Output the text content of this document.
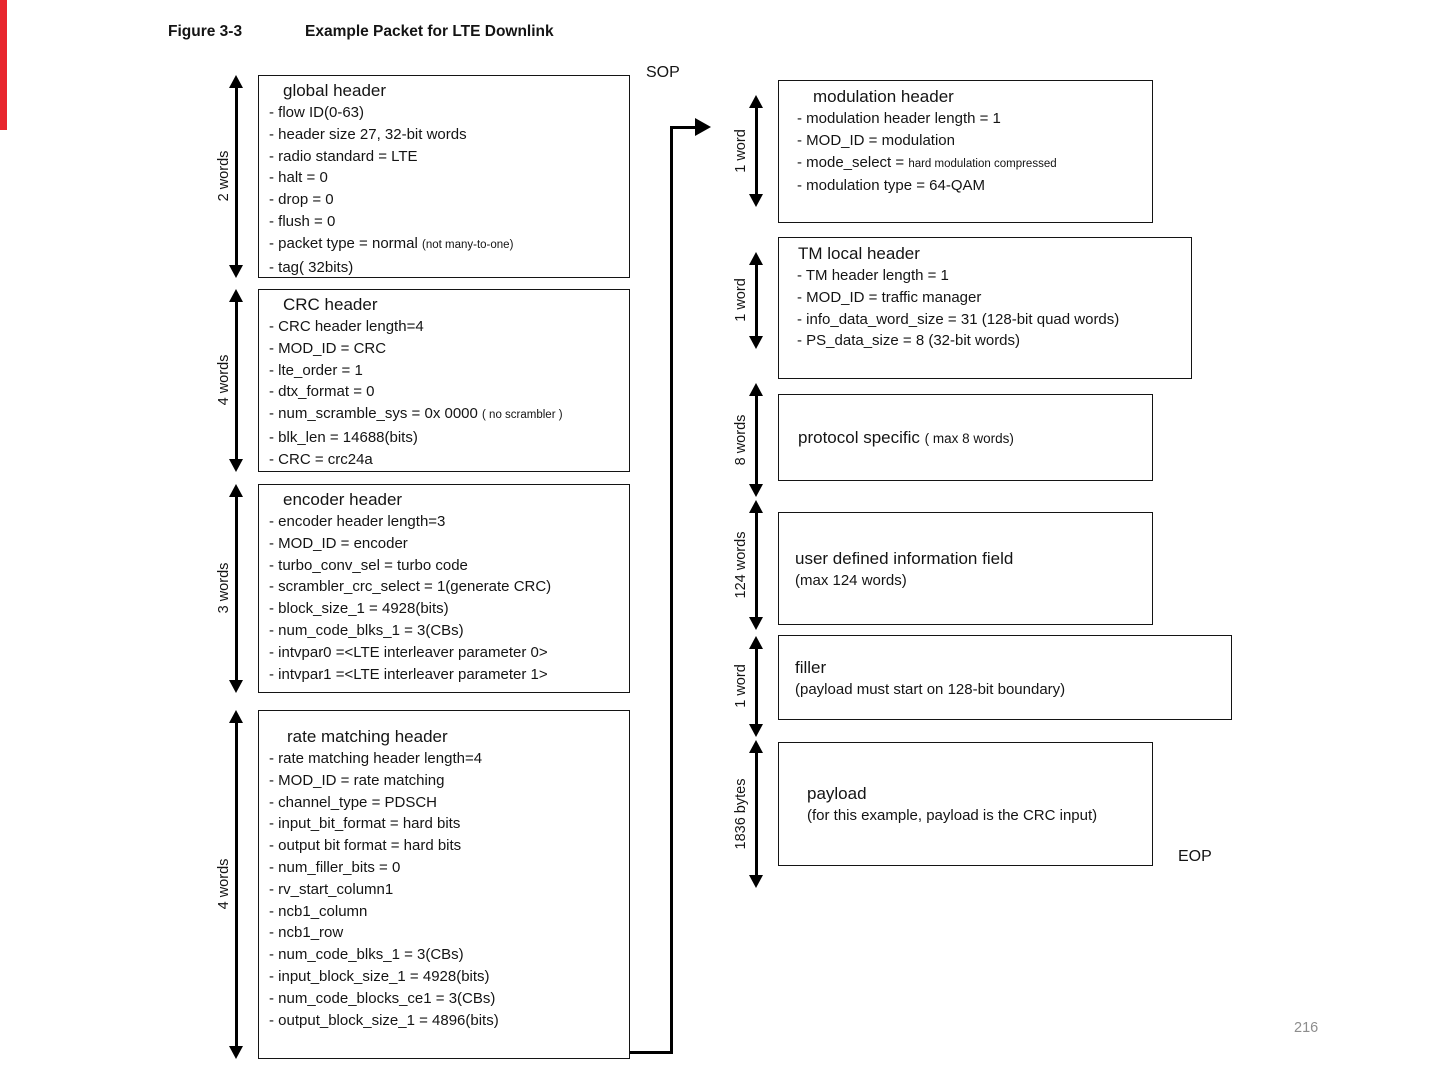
Figure 3-3	Example Packet for LTE Downlink
global header
- flow ID(0-63)
- header size 27, 32-bit words
- radio standard = LTE
- halt = 0
- drop = 0
- flush = 0
- packet type = normal (not many-to-one)
- tag( 32bits)
CRC header
- CRC header length=4
- MOD_ID = CRC
- lte_order = 1
- dtx_format = 0
- num_scramble_sys = 0x 0000 ( no scrambler )
- blk_len = 14688(bits)
- CRC = crc24a
encoder header
- encoder header length=3
- MOD_ID = encoder
- turbo_conv_sel = turbo code
- scrambler_crc_select = 1(generate CRC)
- block_size_1 = 4928(bits)
- num_code_blks_1 = 3(CBs)
- intvpar0 =<LTE interleaver parameter 0>
- intvpar1 =<LTE interleaver parameter 1>
rate matching header
- rate matching header length=4
- MOD_ID = rate matching
- channel_type = PDSCH
- input_bit_format = hard bits
- output bit format = hard bits
- num_filler_bits = 0
- rv_start_column1
- ncb1_column
- ncb1_row
- num_code_blks_1 = 3(CBs)
- input_block_size_1 = 4928(bits)
- num_code_blocks_ce1 = 3(CBs)
- output_block_size_1 = 4896(bits)
2 words
4 words
3 words
4 words
SOP
modulation header
- modulation header length = 1
- MOD_ID = modulation
- mode_select = hard modulation compressed
- modulation type = 64-QAM
TM local header
- TM header length = 1
- MOD_ID = traffic manager
- info_data_word_size = 31 (128-bit quad words)
- PS_data_size = 8 (32-bit words)
protocol specific ( max 8 words)
user defined information field
(max 124 words)
filler
(payload must start on 128-bit boundary)
payload
(for this example, payload is the CRC input)
1 word
1 word
8 words
124 words
1 word
1836 bytes
EOP
216
